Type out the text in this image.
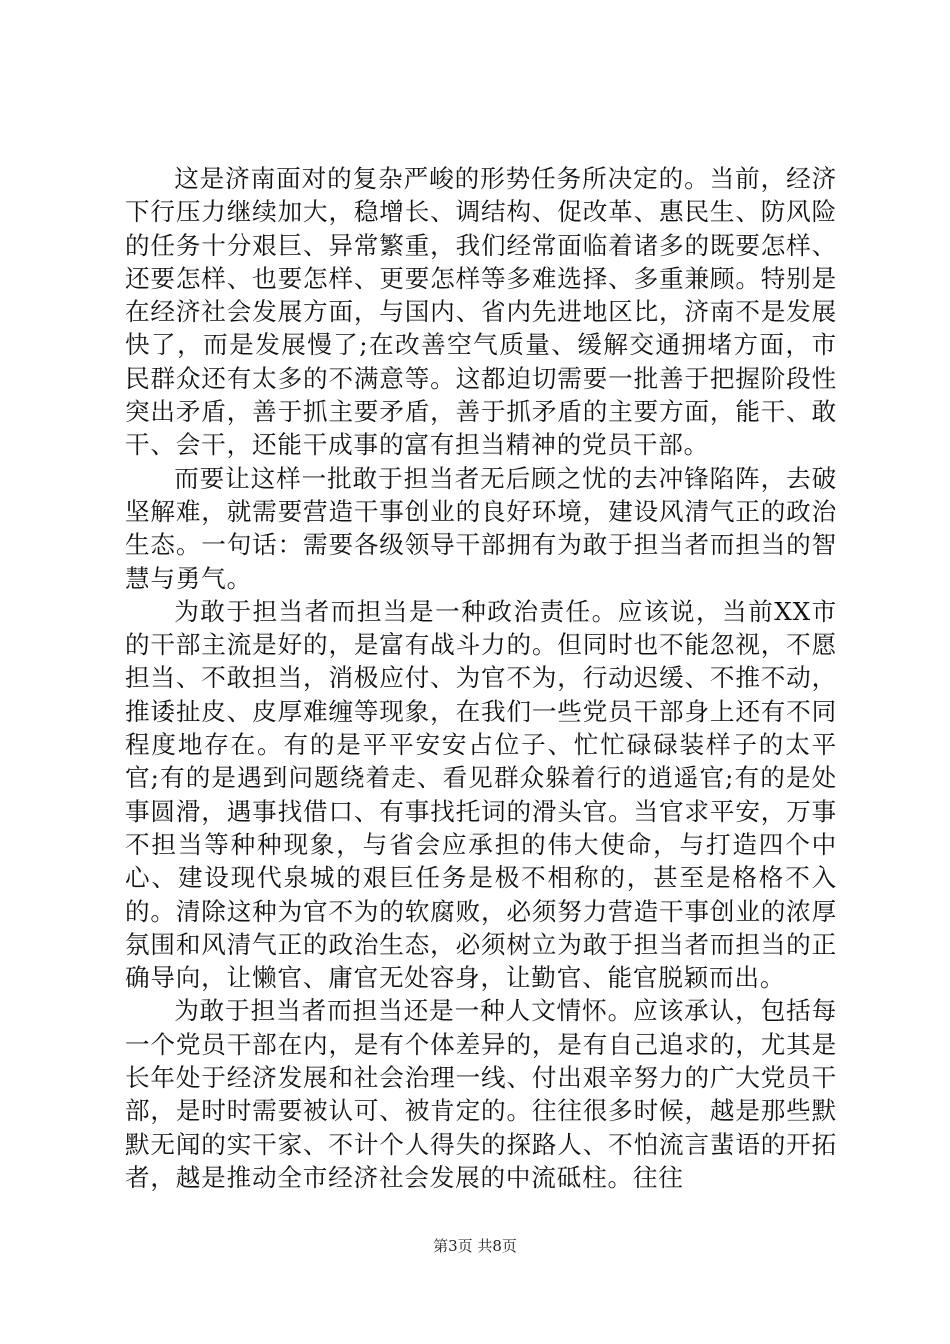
这是济南面对的复杂严峻的形势任务所决定的。当前，经济下行压力继续加大，稳增长、调结构、促改革、惠民生、防风险的任务十分艰巨、异常繁重，我们经常面临着诸多的既要怎样、还要怎样、也要怎样、更要怎样等多难选择、多重兼顾。特别是在经济社会发展方面，与国内、省内先进地区比，济南不是发展快了，而是发展慢了;在改善空气质量、缓解交通拥堵方面，市民群众还有太多的不满意等。这都迫切需要一批善于把握阶段性突出矛盾，善于抓主要矛盾，善于抓矛盾的主要方面，能干、敢干、会干，还能干成事的富有担当精神的党员干部。

而要让这样一批敢于担当者无后顾之忧的去冲锋陷阵，去破坚解难，就需要营造干事创业的良好环境，建设风清气正的政治生态。一句话：需要各级领导干部拥有为敢于担当者而担当的智慧与勇气。

为敢于担当者而担当是一种政治责任。应该说，当前XX市的干部主流是好的，是富有战斗力的。但同时也不能忽视，不愿担当、不敢担当，消极应付、为官不为，行动迟缓、不推不动，推诿扯皮、皮厚难缠等现象，在我们一些党员干部身上还有不同程度地存在。有的是平平安安占位子、忙忙碌碌装样子的太平官;有的是遇到问题绕着走、看见群众躲着行的逍遥官;有的是处事圆滑，遇事找借口、有事找托词的滑头官。当官求平安，万事不担当等种种现象，与省会应承担的伟大使命，与打造四个中心、建设现代泉城的艰巨任务是极不相称的，甚至是格格不入的。清除这种为官不为的软腐败，必须努力营造干事创业的浓厚氛围和风清气正的政治生态，必须树立为敢于担当者而担当的正确导向，让懒官、庸官无处容身，让勤官、能官脱颖而出。

为敢于担当者而担当还是一种人文情怀。应该承认，包括每一个党员干部在内，是有个体差异的，是有自己追求的，尤其是长年处于经济发展和社会治理一线、付出艰辛努力的广大党员干部，是时时需要被认可、被肯定的。往往很多时候，越是那些默默无闻的实干家、不计个人得失的探路人、不怕流言蜚语的开拓者，越是推动全市经济社会发展的中流砥柱。往往

第3页 共8页
